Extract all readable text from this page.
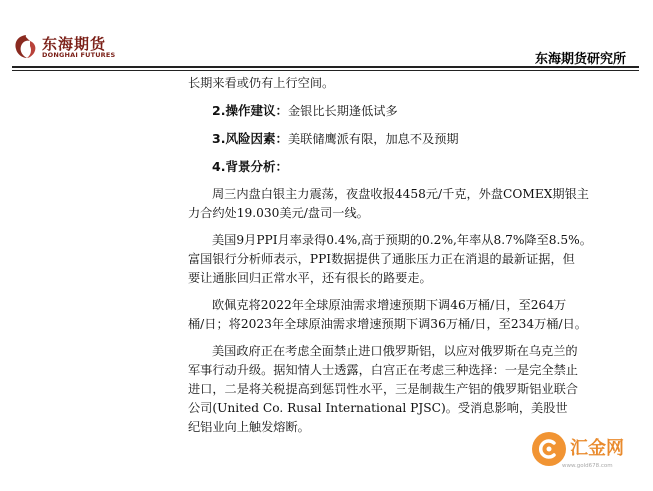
东海期货
DONGHAI FUTURES	东海期货研究所

长期来看或仍有上行空间。

2.操作建议：金银比长期逢低试多

3.风险因素：美联储鹰派有限，加息不及预期

4.背景分析：

周三内盘白银主力震荡，夜盘收报4458元/千克，外盘COMEX期银主
力合约处19.030美元/盘司一线。
美国9月PPI月率录得0.4%,高于预期的0.2%,年率从8.7%降至8.5%。
富国银行分析师表示，PPI数据提供了通胀压力正在消退的最新证据，但
要让通胀回归正常水平，还有很长的路要走。
欧佩克将2022年全球原油需求增速预期下调46万桶/日，至264万
桶/日；将2023年全球原油需求增速预期下调36万桶/日，至234万桶/日。
美国政府正在考虑全面禁止进口俄罗斯铝，以应对俄罗斯在乌克兰的
军事行动升级。据知情人士透露，白宫正在考虑三种选择：一是完全禁止
进口，二是将关税提高到惩罚性水平，三是制裁生产铝的俄罗斯铝业联合
公司(United Co. Rusal International PJSC)。受消息影响，美股世
纪铝业向上触发熔断。
汇金网
www.gold678.com
